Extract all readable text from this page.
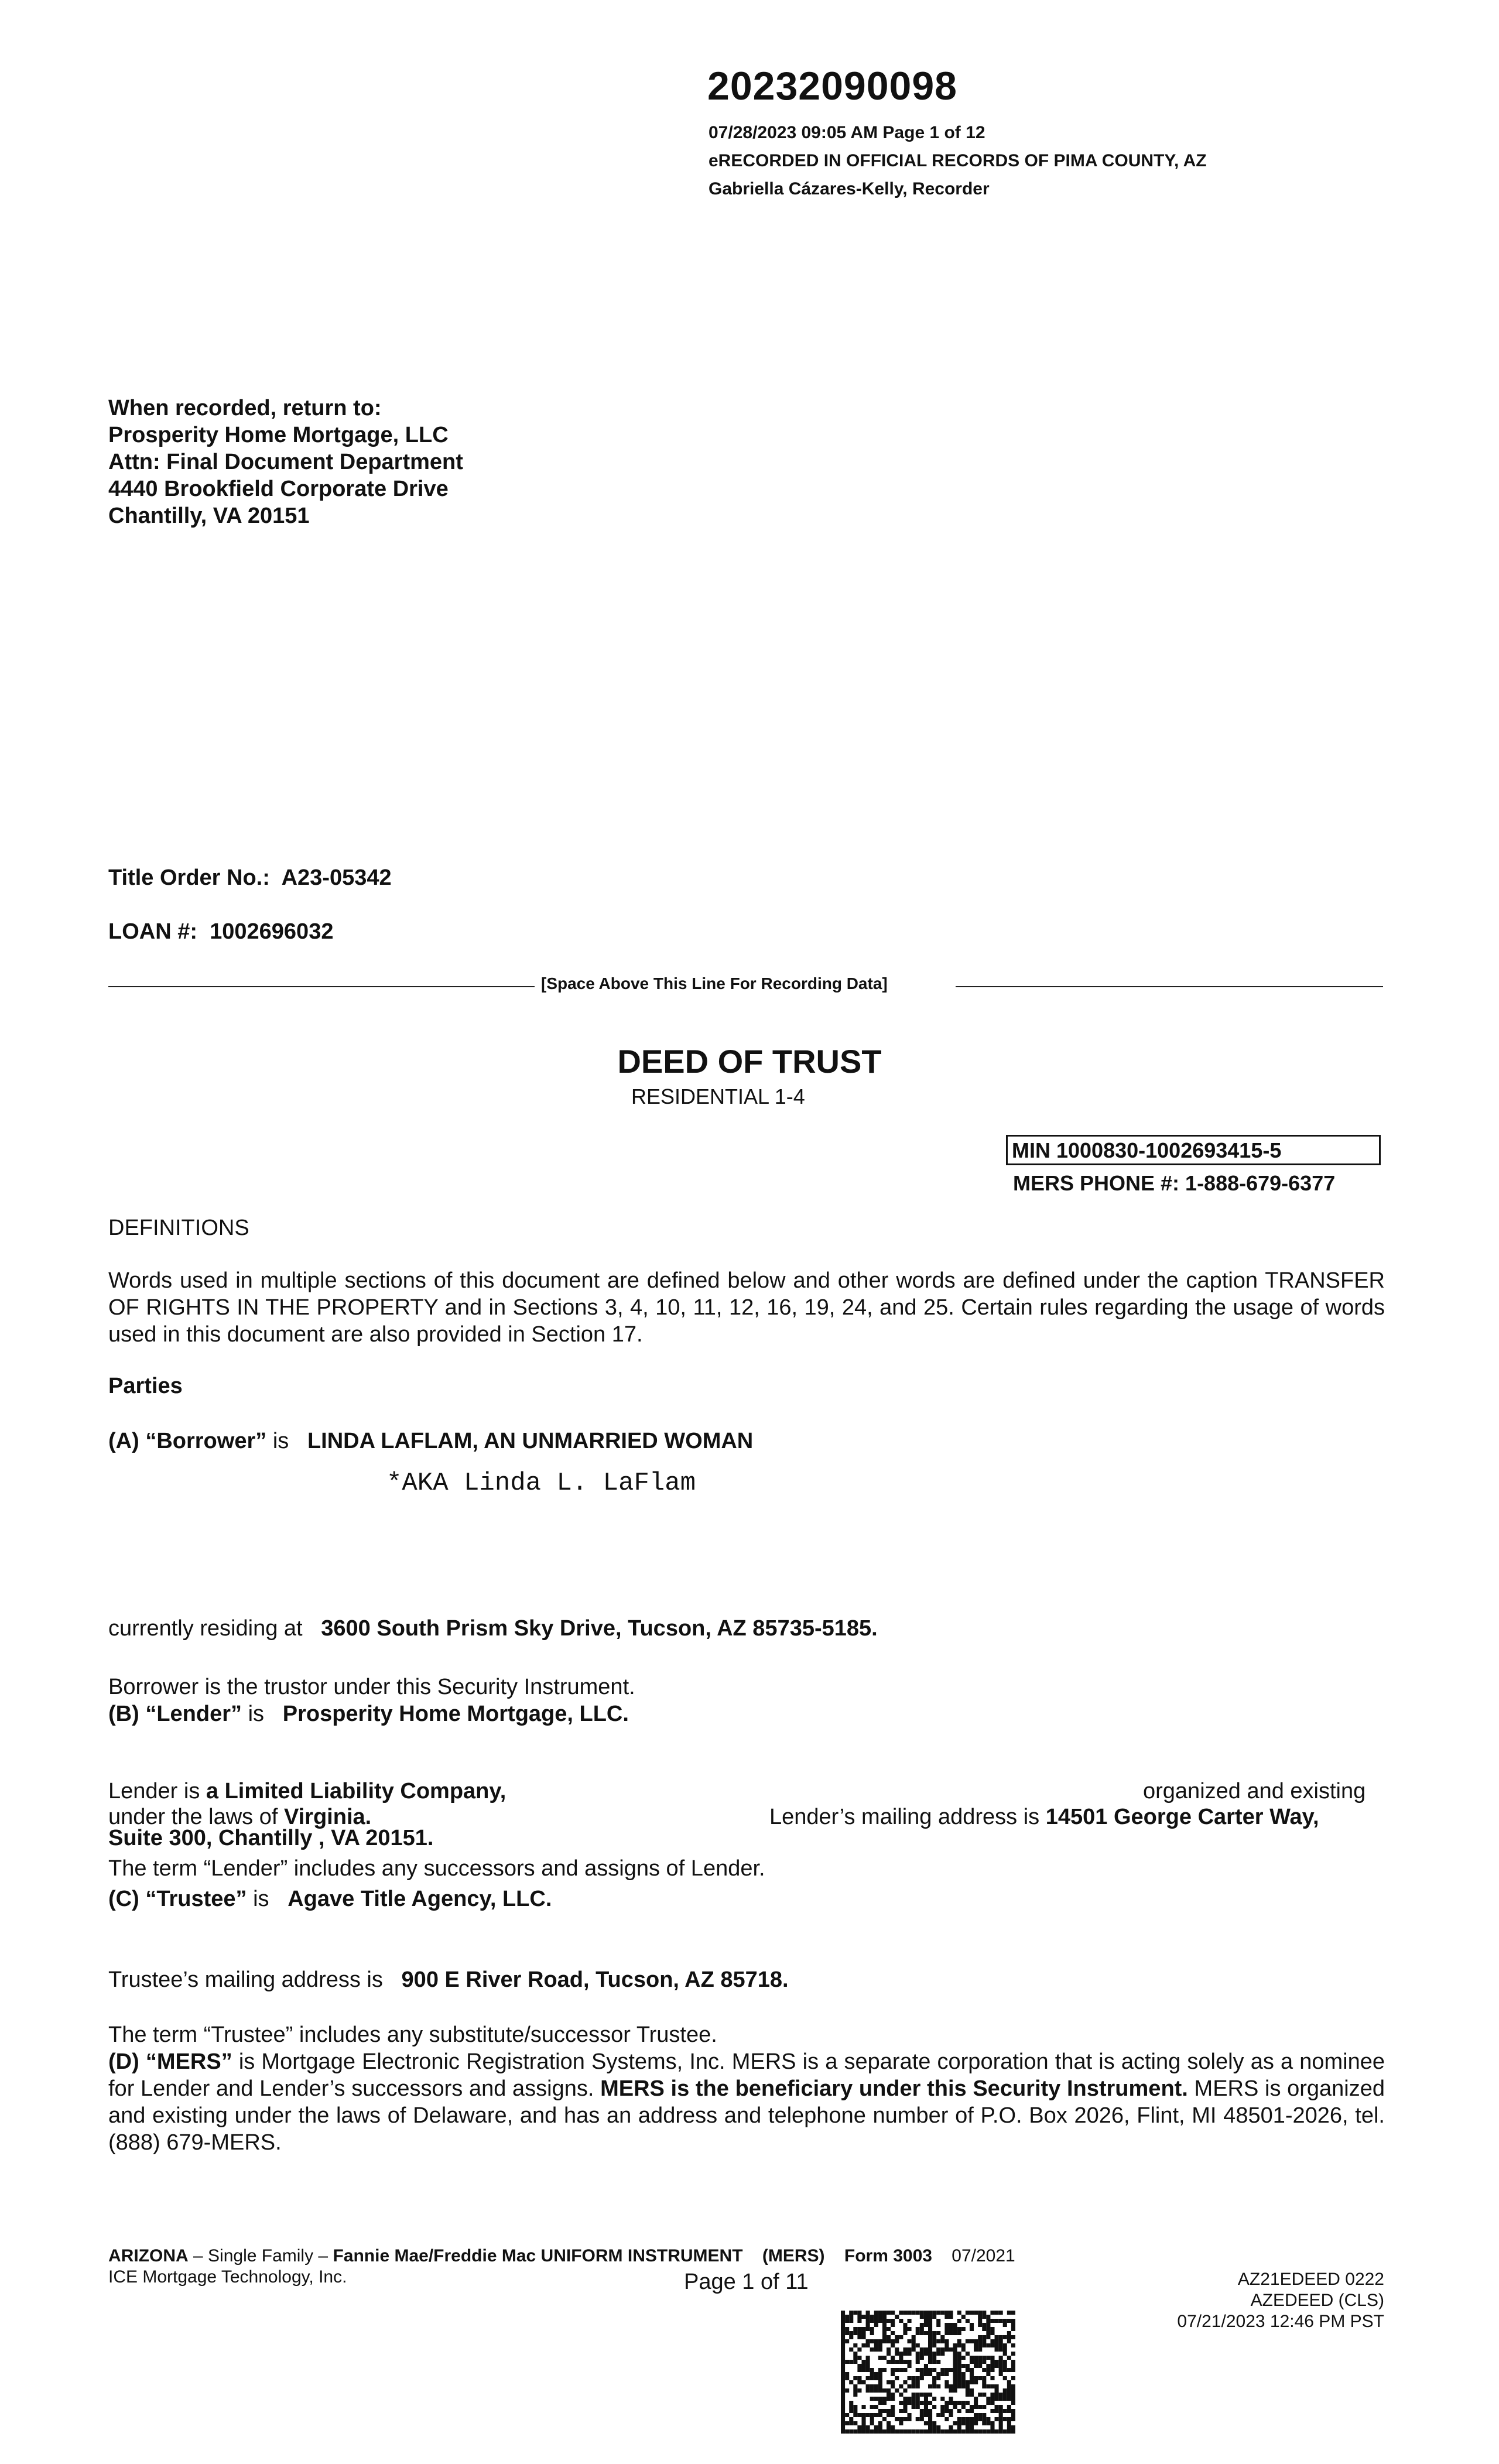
20232090098
07/28/2023 09:05 AM Page 1 of 12
eRECORDED IN OFFICIAL RECORDS OF PIMA COUNTY, AZ
Gabriella Cázares-Kelly, Recorder
When recorded, return to:
Prosperity Home Mortgage, LLC
Attn: Final Document Department
4440 Brookfield Corporate Drive
Chantilly, VA 20151
Title Order No.: A23-05342
LOAN #: 1002696032
[Space Above This Line For Recording Data]
DEED OF TRUST
RESIDENTIAL 1-4
MIN 1000830-1002693415-5
MERS PHONE #: 1-888-679-6377
DEFINITIONS
Words used in multiple sections of this document are defined below and other words are defined under the caption TRANSFER OF RIGHTS IN THE PROPERTY and in Sections 3, 4, 10, 11, 12, 16, 19, 24, and 25. Certain rules regarding the usage of words used in this document are also provided in Section 17.
Parties
(A) “Borrower” is LINDA LAFLAM, AN UNMARRIED WOMAN
*AKA Linda L. LaFlam
currently residing at 3600 South Prism Sky Drive, Tucson, AZ 85735-5185.
Borrower is the trustor under this Security Instrument.
(B) “Lender” is Prosperity Home Mortgage, LLC.
Lender is a Limited Liability Company,	organized and existing
under the laws of Virginia.	Lender’s mailing address is 14501 George Carter Way,
Suite 300, Chantilly , VA 20151.
The term “Lender” includes any successors and assigns of Lender.
(C) “Trustee” is Agave Title Agency, LLC.
Trustee’s mailing address is 900 E River Road, Tucson, AZ 85718.
The term “Trustee” includes any substitute/successor Trustee.
(D) “MERS” is Mortgage Electronic Registration Systems, Inc. MERS is a separate corporation that is acting solely as a nominee for Lender and Lender’s successors and assigns. MERS is the beneficiary under this Security Instrument. MERS is organized and existing under the laws of Delaware, and has an address and telephone number of P.O. Box 2026, Flint, MI 48501-2026, tel. (888) 679-MERS.
ARIZONA – Single Family – Fannie Mae/Freddie Mac UNIFORM INSTRUMENT (MERS) Form 3003 07/2021
ICE Mortgage Technology, Inc.	Page 1 of 11	AZ21EDEED 0222
AZEDEED (CLS)
07/21/2023 12:46 PM PST
